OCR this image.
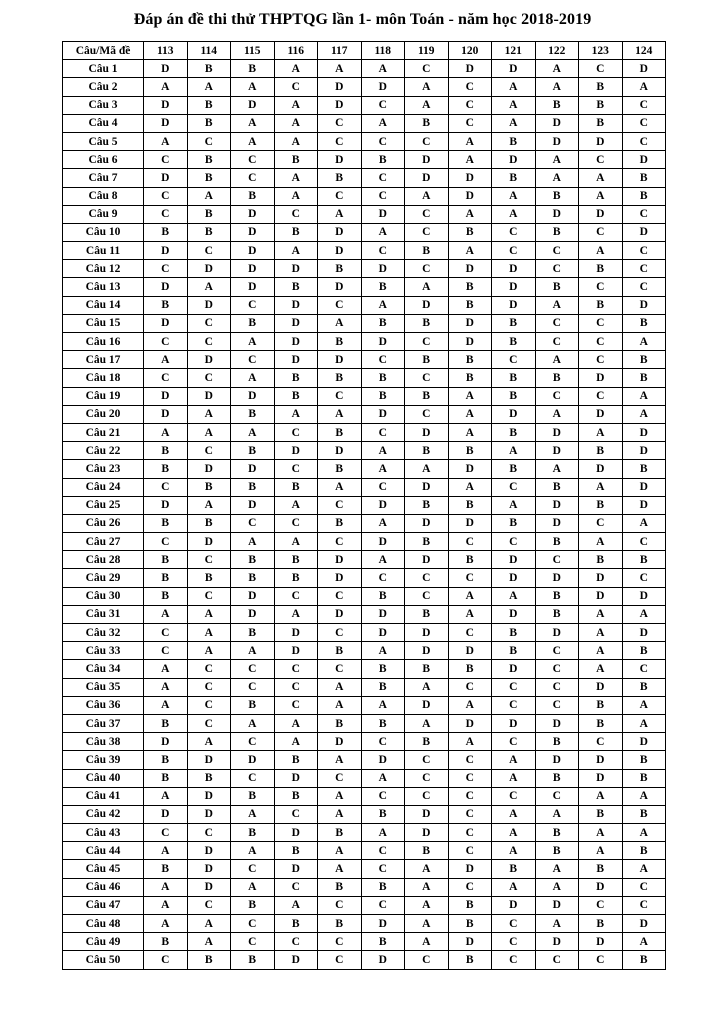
Đáp án đề thi thử THPTQG lần 1- môn Toán - năm học 2018-2019
Câu/Mã đề	113	114	115	116	117	118	119	120	121	122	123	124
Câu 1	D	B	B	A	A	A	C	D	D	A	C	D
Câu 2	A	A	A	C	D	D	A	C	A	A	B	A
Câu 3	D	B	D	A	D	C	A	C	A	B	B	C
Câu 4	D	B	A	A	C	A	B	C	A	D	B	C
Câu 5	A	C	A	A	C	C	C	A	B	D	D	C
Câu 6	C	B	C	B	D	B	D	A	D	A	C	D
Câu 7	D	B	C	A	B	C	D	D	B	A	A	B
Câu 8	C	A	B	A	C	C	A	D	A	B	A	B
Câu 9	C	B	D	C	A	D	C	A	A	D	D	C
Câu 10	B	B	D	B	D	A	C	B	C	B	C	D
Câu 11	D	C	D	A	D	C	B	A	C	C	A	C
Câu 12	C	D	D	D	B	D	C	D	D	C	B	C
Câu 13	D	A	D	B	D	B	A	B	D	B	C	C
Câu 14	B	D	C	D	C	A	D	B	D	A	B	D
Câu 15	D	C	B	D	A	B	B	D	B	C	C	B
Câu 16	C	C	A	D	B	D	C	D	B	C	C	A
Câu 17	A	D	C	D	D	C	B	B	C	A	C	B
Câu 18	C	C	A	B	B	B	C	B	B	B	D	B
Câu 19	D	D	D	B	C	B	B	A	B	C	C	A
Câu 20	D	A	B	A	A	D	C	A	D	A	D	A
Câu 21	A	A	A	C	B	C	D	A	B	D	A	D
Câu 22	B	C	B	D	D	A	B	B	A	D	B	D
Câu 23	B	D	D	C	B	A	A	D	B	A	D	B
Câu 24	C	B	B	B	A	C	D	A	C	B	A	D
Câu 25	D	A	D	A	C	D	B	B	A	D	B	D
Câu 26	B	B	C	C	B	A	D	D	B	D	C	A
Câu 27	C	D	A	A	C	D	B	C	C	B	A	C
Câu 28	B	C	B	B	D	A	D	B	D	C	B	B
Câu 29	B	B	B	B	D	C	C	C	D	D	D	C
Câu 30	B	C	D	C	C	B	C	A	A	B	D	D
Câu 31	A	A	D	A	D	D	B	A	D	B	A	A
Câu 32	C	A	B	D	C	D	D	C	B	D	A	D
Câu 33	C	A	A	D	B	A	D	D	B	C	A	B
Câu 34	A	C	C	C	C	B	B	B	D	C	A	C
Câu 35	A	C	C	C	A	B	A	C	C	C	D	B
Câu 36	A	C	B	C	A	A	D	A	C	C	B	A
Câu 37	B	C	A	A	B	B	A	D	D	D	B	A
Câu 38	D	A	C	A	D	C	B	A	C	B	C	D
Câu 39	B	D	D	B	A	D	C	C	A	D	D	B
Câu 40	B	B	C	D	C	A	C	C	A	B	D	B
Câu 41	A	D	B	B	A	C	C	C	C	C	A	A
Câu 42	D	D	A	C	A	B	D	C	A	A	B	B
Câu 43	C	C	B	D	B	A	D	C	A	B	A	A
Câu 44	A	D	A	B	A	C	B	C	A	B	A	B
Câu 45	B	D	C	D	A	C	A	D	B	A	B	A
Câu 46	A	D	A	C	B	B	A	C	A	A	D	C
Câu 47	A	C	B	A	C	C	A	B	D	D	C	C
Câu 48	A	A	C	B	B	D	A	B	C	A	B	D
Câu 49	B	A	C	C	C	B	A	D	C	D	D	A
Câu 50	C	B	B	D	C	D	C	B	C	C	C	B
